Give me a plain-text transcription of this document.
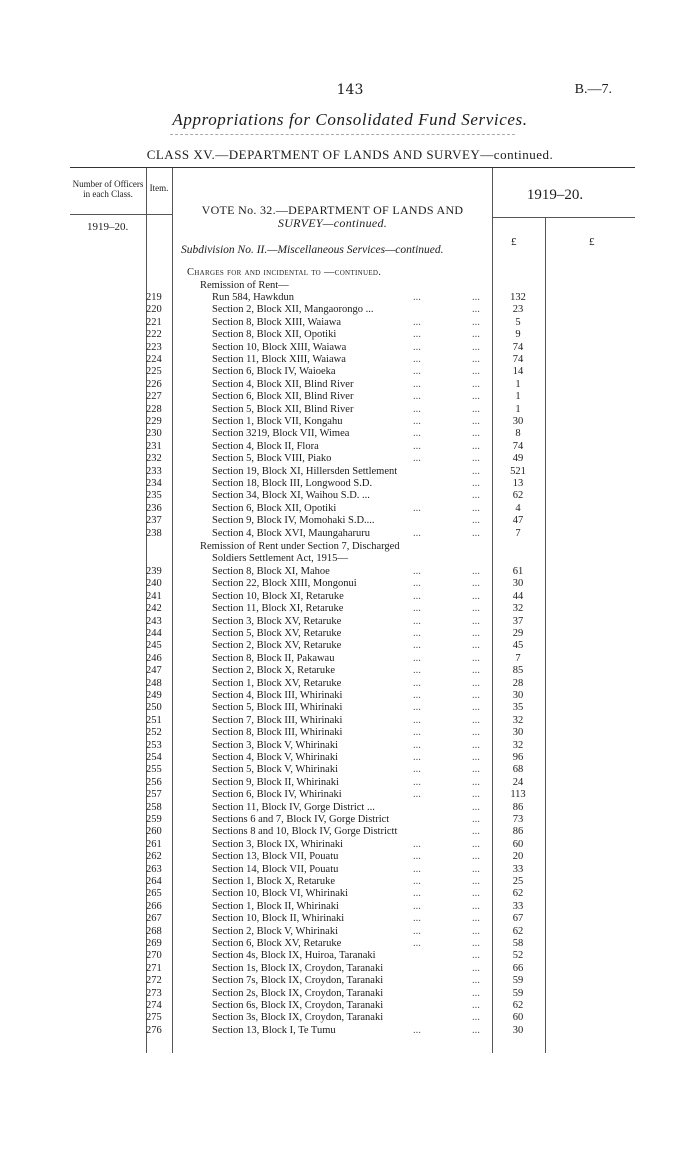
143	B.—7.
Appropriations for Consolidated Fund Services.
CLASS XV.—DEPARTMENT OF LANDS AND SURVEY—continued.
Number of Officers in each Class.
Item.
1919–20.
1919–20.
VOTE No. 32.—DEPARTMENT OF LANDS AND
SURVEY—continued.
Subdivision No. II.—Miscellaneous Services—continued.
£	£
Charges for and incidental to —continued.
Remission of Rent—
219	Run 584, Hawkdun	...	...	132
220	Section 2, Block XII, Mangaorongo ...	...	23
221	Section 8, Block XIII, Waiawa	...	...	5
222	Section 8, Block XII, Opotiki	...	...	9
223	Section 10, Block XIII, Waiawa	...	...	74
224	Section 11, Block XIII, Waiawa	...	...	74
225	Section 6, Block IV, Waioeka	...	...	14
226	Section 4, Block XII, Blind River	...	...	1
227	Section 6, Block XII, Blind River	...	...	1
228	Section 5, Block XII, Blind River	...	...	1
229	Section 1, Block VII, Kongahu	...	...	30
230	Section 3219, Block VII, Wimea	...	...	8
231	Section 4, Block II, Flora	...	...	74
232	Section 5, Block VIII, Piako	...	...	49
233	Section 19, Block XI, Hillersden Settlement	...	521
234	Section 18, Block III, Longwood S.D.	...	13
235	Section 34, Block XI, Waihou S.D. ...	...	62
236	Section 6, Block XII, Opotiki	...	...	4
237	Section 9, Block IV, Momohaki S.D....	...	47
238	Section 4, Block XVI, Maungaharuru	...	...	7
Remission of Rent under Section 7, Discharged
Soldiers Settlement Act, 1915—
239	Section 8, Block XI, Mahoe	...	...	61
240	Section 22, Block XIII, Mongonui	...	...	30
241	Section 10, Block XI, Retaruke	...	...	44
242	Section 11, Block XI, Retaruke	...	...	32
243	Section 3, Block XV, Retaruke	...	...	37
244	Section 5, Block XV, Retaruke	...	...	29
245	Section 2, Block XV, Retaruke	...	...	45
246	Section 8, Block II, Pakawau	...	...	7
247	Section 2, Block X, Retaruke	...	...	85
248	Section 1, Block XV, Retaruke	...	...	28
249	Section 4, Block III, Whirinaki	...	...	30
250	Section 5, Block III, Whirinaki	...	...	35
251	Section 7, Block III, Whirinaki	...	...	32
252	Section 8, Block III, Whirinaki	...	...	30
253	Section 3, Block V, Whirinaki	...	...	32
254	Section 4, Block V, Whirinaki	...	...	96
255	Section 5, Block V, Whirinaki	...	...	68
256	Section 9, Block II, Whirinaki	...	...	24
257	Section 6, Block IV, Whirinaki	...	...	113
258	Section 11, Block IV, Gorge District ...	...	86
259	Sections 6 and 7, Block IV, Gorge District	...	73
260	Sections 8 and 10, Block IV, Gorge Districtt	...	86
261	Section 3, Block IX, Whirinaki	...	...	60
262	Section 13, Block VII, Pouatu	...	...	20
263	Section 14, Block VII, Pouatu	...	...	33
264	Section 1, Block X, Retaruke	...	...	25
265	Section 10, Block VI, Whirinaki	...	...	62
266	Section 1, Block II, Whirinaki	...	...	33
267	Section 10, Block II, Whirinaki	...	...	67
268	Section 2, Block V, Whirinaki	...	...	62
269	Section 6, Block XV, Retaruke	...	...	58
270	Section 4s, Block IX, Huiroa, Taranaki	...	52
271	Section 1s, Block IX, Croydon, Taranaki	...	66
272	Section 7s, Block IX, Croydon, Taranaki	...	59
273	Section 2s, Block IX, Croydon, Taranaki	...	59
274	Section 6s, Block IX, Croydon, Taranaki	...	62
275	Section 3s, Block IX, Croydon, Taranaki	...	60
276	Section 13, Block I, Te Tumu	...	...	30
